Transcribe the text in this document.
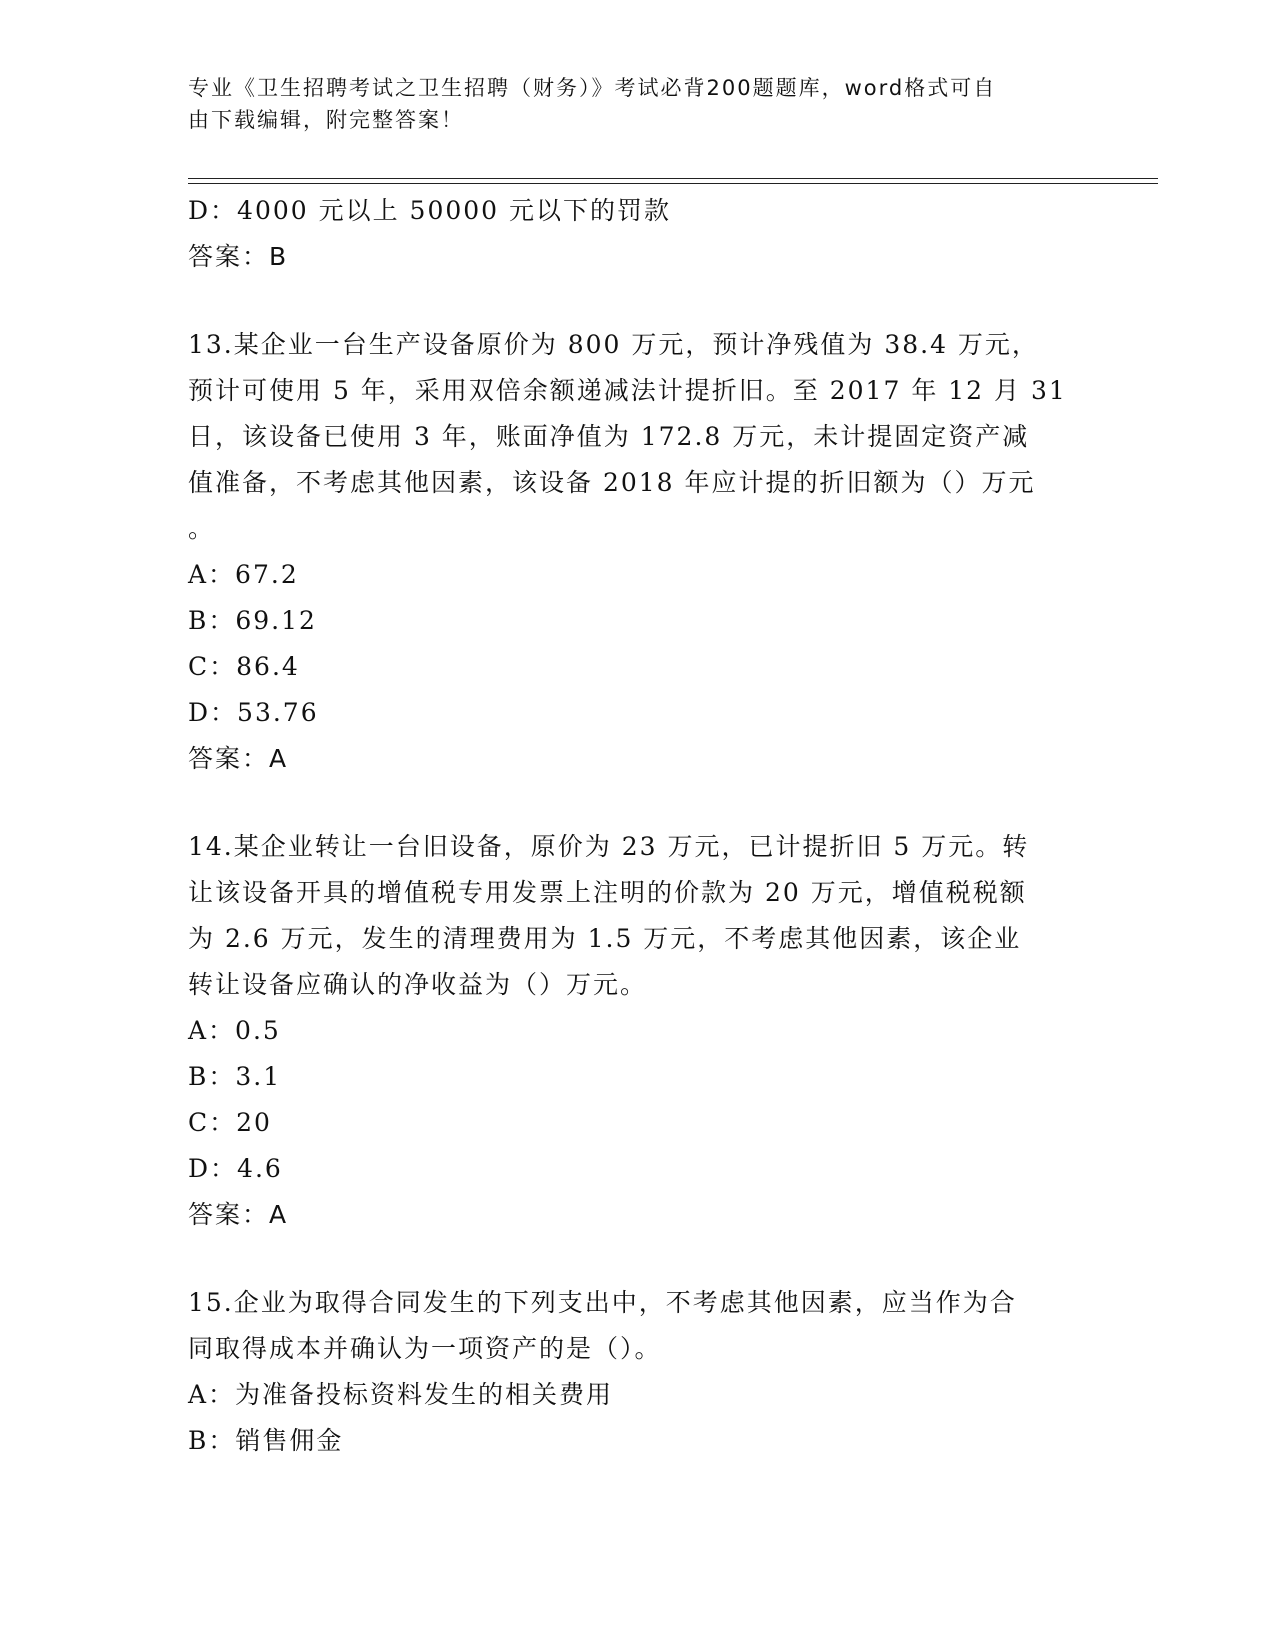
专业《卫生招聘考试之卫生招聘（财务）》考试必背200题题库，word格式可自
由下载编辑，附完整答案！
D：4000 元以上 50000 元以下的罚款
答案：B
13.某企业一台生产设备原价为 800 万元，预计净残值为 38.4 万元，
预计可使用 5 年，采用双倍余额递减法计提折旧。至 2017 年 12 月 31
日，该设备已使用 3 年，账面净值为 172.8 万元，未计提固定资产减
值准备，不考虑其他因素，该设备 2018 年应计提的折旧额为（）万元
。
A：67.2
B：69.12
C：86.4
D：53.76
答案：A
14.某企业转让一台旧设备，原价为 23 万元，已计提折旧 5 万元。转
让该设备开具的增值税专用发票上注明的价款为 20 万元，增值税税额
为 2.6 万元，发生的清理费用为 1.5 万元，不考虑其他因素，该企业
转让设备应确认的净收益为（）万元。
A：0.5
B：3.1
C：20
D：4.6
答案：A
15.企业为取得合同发生的下列支出中，不考虑其他因素，应当作为合
同取得成本并确认为一项资产的是（）。
A：为准备投标资料发生的相关费用
B：销售佣金
